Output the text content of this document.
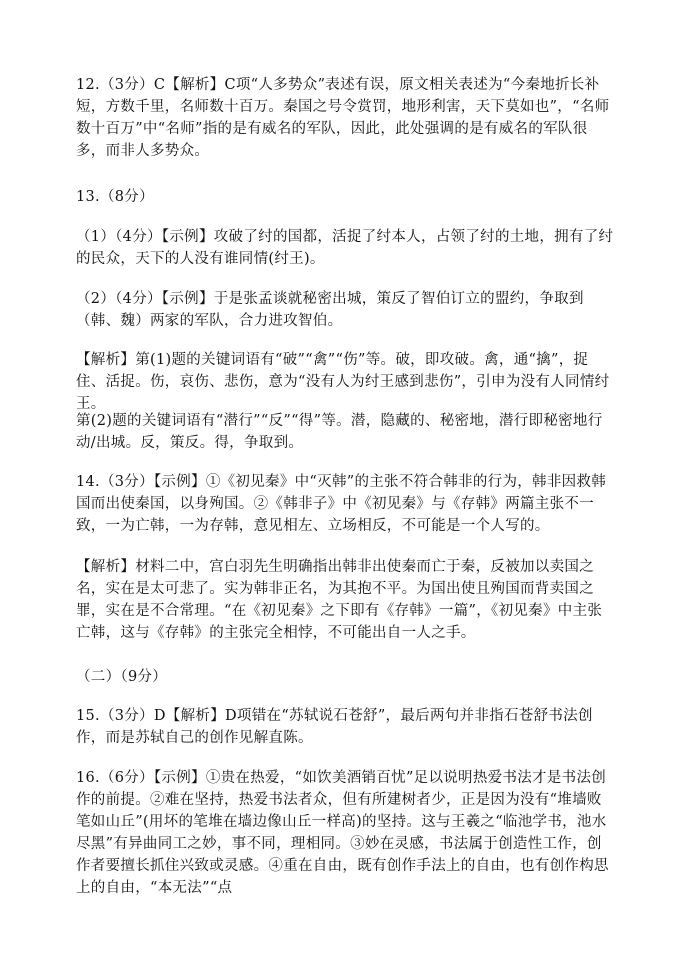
12.（3分）C【解析】C项“人多势众”表述有误，原文相关表述为“今秦地折长补短，方数千里，名师数十百万。秦国之号令赏罚，地形利害，天下莫如也”，“名师数十百万”中“名师”指的是有威名的军队，因此，此处强调的是有威名的军队很多，而非人多势众。

13.（8分）

（1）（4分）【示例】攻破了纣的国都，活捉了纣本人，占领了纣的土地，拥有了纣的民众，天下的人没有谁同情(纣王)。

（2）（4分）【示例】于是张孟谈就秘密出城，策反了智伯订立的盟约，争取到（韩、魏）两家的军队，合力进攻智伯。

【解析】第(1)题的关键词语有“破”“禽”“伤”等。破，即攻破。禽，通“擒”，捉住、活捉。伤，哀伤、悲伤，意为“没有人为纣王感到悲伤”，引申为没有人同情纣王。

第(2)题的关键词语有“潜行”“反”“得”等。潜，隐藏的、秘密地，潜行即秘密地行动/出城。反，策反。得，争取到。

14.（3分）【示例】①《初见秦》中“灭韩”的主张不符合韩非的行为，韩非因救韩国而出使秦国，以身殉国。②《韩非子》中《初见秦》与《存韩》两篇主张不一致，一为亡韩，一为存韩，意见相左、立场相反，不可能是一个人写的。

【解析】材料二中，宫白羽先生明确指出韩非出使秦而亡于秦，反被加以卖国之名，实在是太可悲了。实为韩非正名，为其抱不平。为国出使且殉国而背卖国之罪，实在是不合常理。“在《初见秦》之下即有《存韩》一篇”，《初见秦》中主张亡韩，这与《存韩》的主张完全相悖，不可能出自一人之手。

（二）（9分）

15.（3分）D【解析】D项错在“苏轼说石苍舒”，最后两句并非指石苍舒书法创作，而是苏轼自己的创作见解直陈。

16.（6分）【示例】①贵在热爱，“如饮美酒销百忧”足以说明热爱书法才是书法创作的前提。②难在坚持，热爱书法者众，但有所建树者少，正是因为没有“堆墙败笔如山丘”(用坏的笔堆在墙边像山丘一样高)的坚持。这与王羲之“临池学书，池水尽黑”有异曲同工之妙，事不同，理相同。③妙在灵感，书法属于创造性工作，创作者要擅长抓住兴致或灵感。④重在自由，既有创作手法上的自由，也有创作构思上的自由，“本无法”“点
